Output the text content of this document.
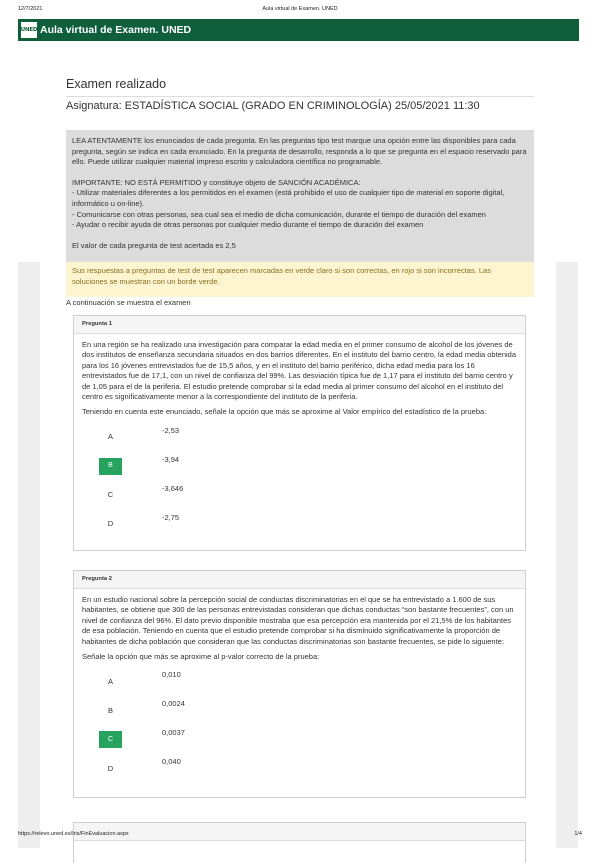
12/7/2021	Aula virtual de Examen. UNED
UNED Aula virtual de Examen. UNED
Examen realizado
Asignatura: ESTADÍSTICA SOCIAL (GRADO EN CRIMINOLOGÍA) 25/05/2021 11:30

LEA ATENTAMENTE los enunciados de cada pregunta. En las preguntas tipo test marque una opción entre las disponibles para cada pregunta, según se indica en cada enunciado. En la pregunta de desarrollo, responda a lo que se pregunta en el espacio reservado para ello. Puede utilizar cualquier material impreso escrito y calculadora científica no programable.

IMPORTANTE: NO ESTÁ PERMITIDO y constituye objeto de SANCIÓN ACADÉMICA:

- Utilizar materiales diferentes a los permitidos en el examen (está prohibido el uso de cualquier tipo de material en soporte digital, informático u on-line).

- Comunicarse con otras personas, sea cual sea el medio de dicha comunicación, durante el tiempo de duración del examen

- Ayudar o recibir ayuda de otras personas por cualquier medio durante el tiempo de duración del examen

El valor de cada pregunta de test acertada es 2,5

Sus respuestas a preguntas de test de test aparecen marcadas en verde claro si son correctas, en rojo si son incorrectas. Las soluciones se muestran con un borde verde.
A continuación se muestra el examen
Pregunta 1

En una región se ha realizado una investigación para comparar la edad media en el primer consumo de alcohol de los jóvenes de dos institutos de enseñanza secundaria situados en dos barrios diferentes. En el instituto del barrio centro, la edad media obtenida para los 16 jóvenes entrevistados fue de 15,5 años, y en el instituto del barrio periférico, dicha edad media para los 16 entrevistados fue de 17,1, con un nivel de confianza del 99%. Las desviación típica fue de 1,17 para el instituto del barrio centro y de 1,05 para el de la periferia. El estudio pretende comprobar si la edad media al primer consumo del alcohol en el instituto del centro es significativamente menor a la correspondiente del instituto de la periferia.

Teniendo en cuenta este enunciado, señale la opción que más se aproxime al Valor empírico del estadístico de la prueba:

A
-2,53
B
-3,94
C
-3,646
D
-2,75
Pregunta 2

En un estudio nacional sobre la percepción social de conductas discriminatorias en el que se ha entrevistado a 1.600 de sus habitantes, se obtiene que 300 de las personas entrevistadas consideran que dichas conductas “son bastante frecuentes”, con un nivel de confianza del 96%. El dato previo disponible mostraba que esa percepción era mantenida por el 21,5% de los habitantes de esa población. Teniendo en cuenta que el estudio pretende comprobar si ha disminuido significativamente la proporción de habitantes de dicha población que consideran que las conductas discriminatorias son bastante frecuentes, se pide lo siguiente:

Señale la opción que más se aproxime al p-valor correcto de la prueba:

A
0,010
B
0,0024
C
0,0037
D
0,040
https://relevo.uned.es/Iris/FinEvaluacion.aspx	1/4
